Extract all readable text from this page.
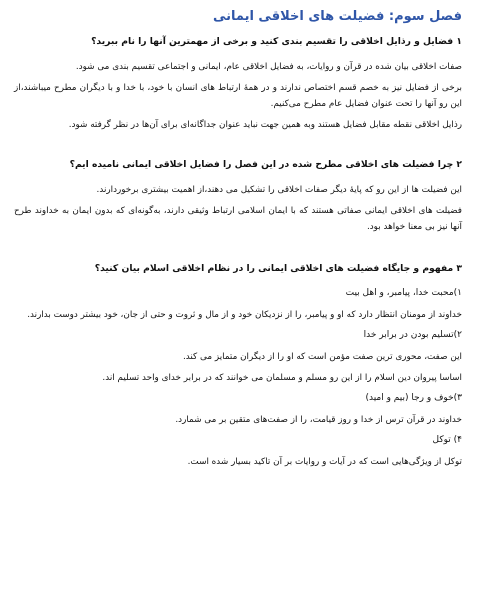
فصل سوم: فضیلت های اخلاقی ایمانی
۱ فضایل و رذایل اخلاقی را تقسیم بندی کنید و برخی از مهمترین آنها را نام ببرید؟
صفات اخلاقی بیان شده در قرآن و روایات، به فضایل اخلاقی عام، ایمانی و اجتماعی تقسیم بندی می شود.
برخی از فضایل نیز به خصم قسم اختصاص ندارند و در همهٔ ارتباط های انسان با خود، با خدا و با دیگران مطرح میباشند،از این رو آنها را تحت عنوان فضایل عام مطرح می‌کنیم.
رذایل اخلاقی نقطه مقابل فضایل هستند وبه همین جهت نباید عنوان جداگانه‌ای برای آن‌ها در نظر گرفته شود.
۲ چرا فضیلت های اخلاقی مطرح شده در این فصل را فضایل اخلاقی ایمانی نامیده ایم؟
این فضیلت ها از این رو که پایهٔ دیگر صفات اخلاقی را تشکیل می دهند،از اهمیت بیشتری برخوردارند.
فضیلت های اخلاقی ایمانی صفاتی هستند که با ایمان اسلامی ارتباط وثیقی دارند، بەگونەای که بدون ایمان به خداوند طرح آنها نیز بی معنا خواهد بود.
۳ مفهوم و جایگاه فضیلت های اخلاقی ایمانی را در نظام اخلاقی اسلام بیان کنید؟
۱)محبت خدا، پیامبر، و اهل بیت
خداوند از مومنان انتظار دارد که او و پیامبر، را از نزدیکان خود و از مال و ثروت و حتی از جان، خود بیشتر دوست بدارند.
۲)تسلیم بودن در برابر خدا
این صفت، محوری ترین صفت مؤمن است که او را از دیگران متمایز می کند.
اساسا پیروان دین اسلام را از این رو مسلم و مسلمان می خوانند که در برابر خدای واحد تسلیم اند.
۳)خوف و رجا (بیم و امید)
خداوند در قرآن ترس از خدا و روز قیامت، را از صفت‌های متقین بر می شمارد.
۴) توکل
توکل از ویژگی‌هایی است که در آیات و روایات بر آن تاکید بسیار شده است.
